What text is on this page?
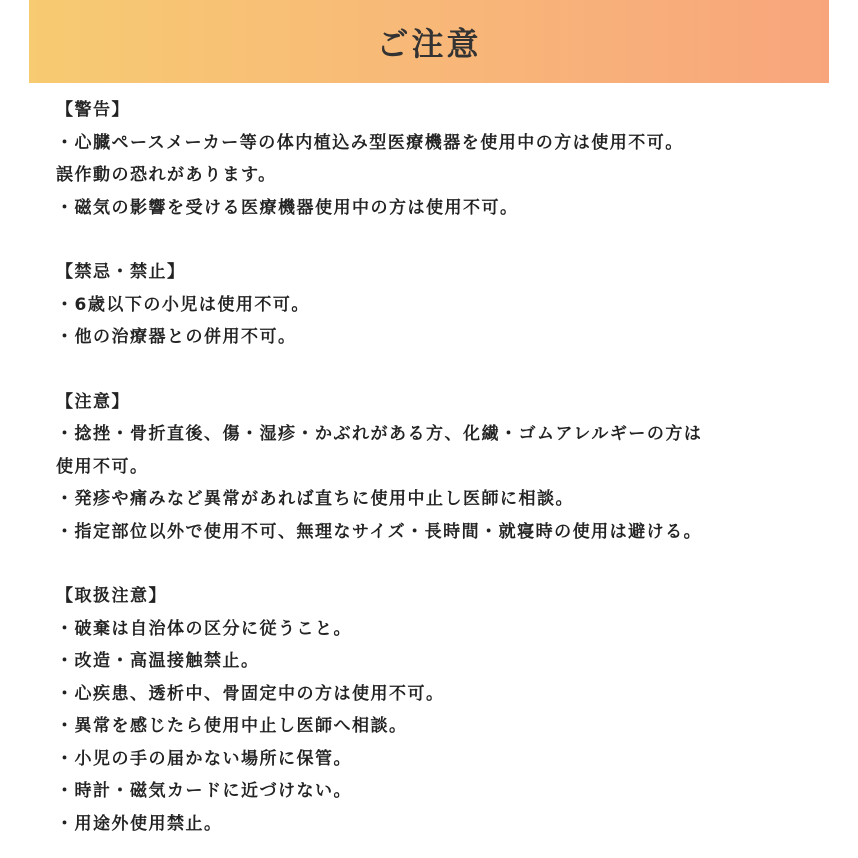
ご注意
【警告】
・心臓ペースメーカー等の体内植込み型医療機器を使用中の方は使用不可。
誤作動の恐れがあります。
・磁気の影響を受ける医療機器使用中の方は使用不可。
【禁忌・禁止】
・6歳以下の小児は使用不可。
・他の治療器との併用不可。
【注意】
・捻挫・骨折直後、傷・湿疹・かぶれがある方、化繊・ゴムアレルギーの方は
使用不可。
・発疹や痛みなど異常があれば直ちに使用中止し医師に相談。
・指定部位以外で使用不可、無理なサイズ・長時間・就寝時の使用は避ける。
【取扱注意】
・破棄は自治体の区分に従うこと。
・改造・高温接触禁止。
・心疾患、透析中、骨固定中の方は使用不可。
・異常を感じたら使用中止し医師へ相談。
・小児の手の届かない場所に保管。
・時計・磁気カードに近づけない。
・用途外使用禁止。
